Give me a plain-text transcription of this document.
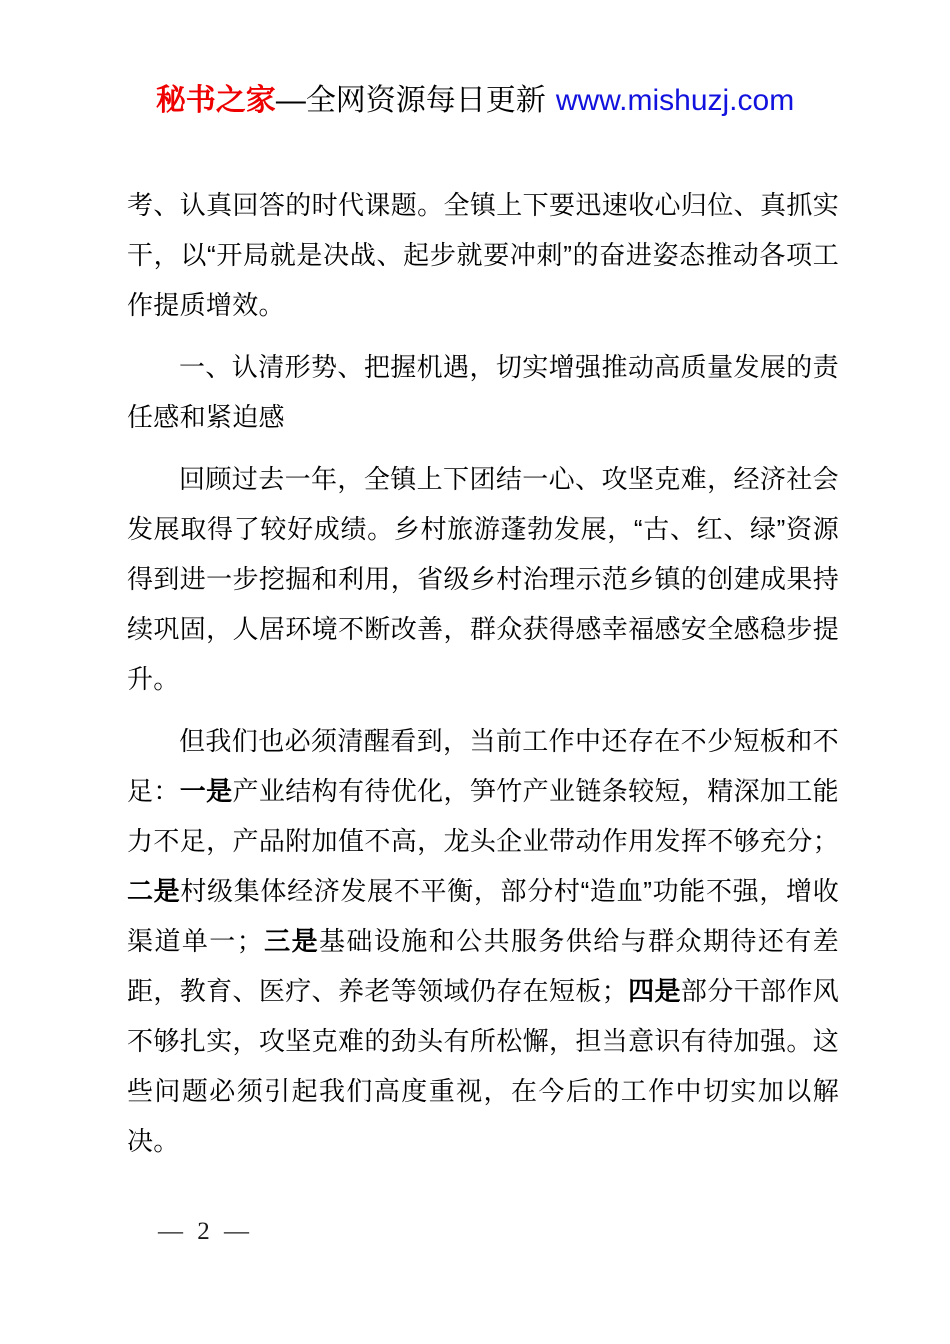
秘书之家—全网资源每日更新 www.mishuzj.com

考、认真回答的时代课题。全镇上下要迅速收心归位、真抓实干，以“开局就是决战、起步就要冲刺”的奋进姿态推动各项工作提质增效。

一、认清形势、把握机遇，切实增强推动高质量发展的责任感和紧迫感

回顾过去一年，全镇上下团结一心、攻坚克难，经济社会发展取得了较好成绩。乡村旅游蓬勃发展，“古、红、绿”资源得到进一步挖掘和利用，省级乡村治理示范乡镇的创建成果持续巩固，人居环境不断改善，群众获得感幸福感安全感稳步提升。

但我们也必须清醒看到，当前工作中还存在不少短板和不足：一是产业结构有待优化，笋竹产业链条较短，精深加工能力不足，产品附加值不高，龙头企业带动作用发挥不够充分；二是村级集体经济发展不平衡，部分村“造血”功能不强，增收渠道单一；三是基础设施和公共服务供给与群众期待还有差距，教育、医疗、养老等领域仍存在短板；四是部分干部作风不够扎实，攻坚克难的劲头有所松懈，担当意识有待加强。这些问题必须引起我们高度重视，在今后的工作中切实加以解决。

— 2 —
